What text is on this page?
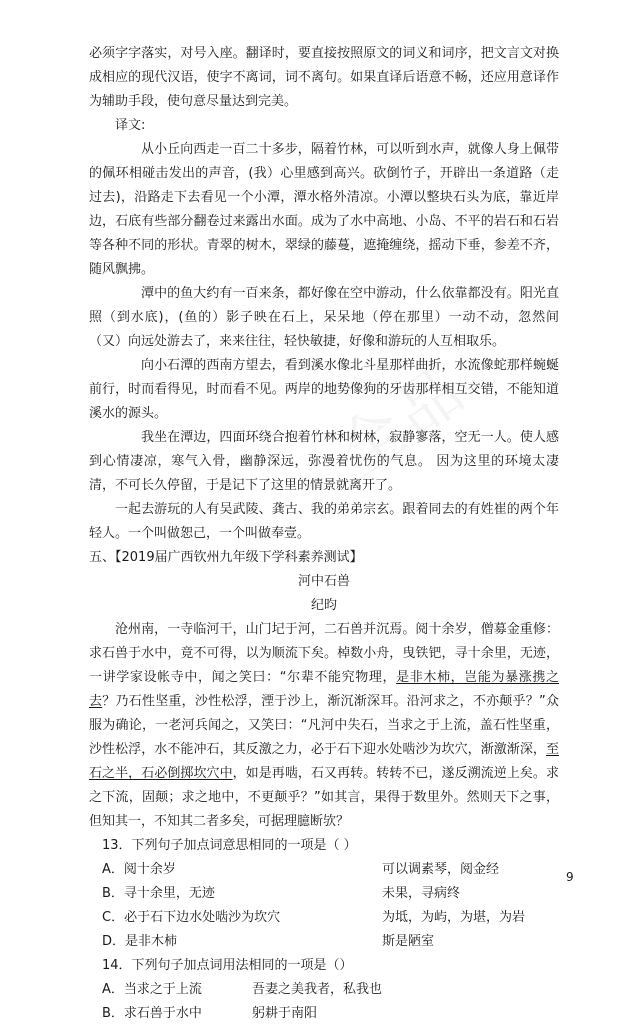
必须字字落实，对号入座。翻译时，要直接按照原文的词义和词序，把文言文对换成相应的现代汉语，使字不离词，词不离句。如果直译后语意不畅，还应用意译作为辅助手段，使句意尽量达到完美。

译文:

从小丘向西走一百二十多步，隔着竹林，可以听到水声，就像人身上佩带的佩环相碰击发出的声音，(我）心里感到高兴。砍倒竹子，开辟出一条道路（走过去)，沿路走下去看见一个小潭，潭水格外清凉。小潭以整块石头为底，靠近岸边，石底有些部分翻卷过来露出水面。成为了水中高地、小岛、不平的岩石和石岩等各种不同的形状。青翠的树木，翠绿的藤蔓，遮掩缠绕，摇动下垂，参差不齐，随风飘拂。

潭中的鱼大约有一百来条，都好像在空中游动，什么依靠都没有。阳光直照（到水底)，(鱼的）影子映在石上，呆呆地（停在那里）一动不动，忽然间（又）向远处游去了，来来往往，轻快敏捷，好像和游玩的人互相取乐。

向小石潭的西南方望去，看到溪水像北斗星那样曲折，水流像蛇那样蜿蜒前行，时而看得见，时而看不见。两岸的地势像狗的牙齿那样相互交错，不能知道溪水的源头。

我坐在潭边，四面环绕合抱着竹林和树林，寂静寥落，空无一人。使人感到心情凄凉，寒气入骨，幽静深远，弥漫着忧伤的气息。 因为这里的环境太凄清，不可长久停留，于是记下了这里的情景就离开了。

一起去游玩的人有吴武陵、龚古、我的弟弟宗玄。跟着同去的有姓崔的两个年轻人。一个叫做恕己，一个叫做奉壹。

五、【2019届广西钦州九年级下学科素养测试】

河中石兽

纪昀

沧州南，一寺临河干，山门圮于河，二石兽并沉焉。阅十余岁，僧募金重修：求石兽于水中，竟不可得，以为顺流下矣。棹数小舟，曳铁钯，寻十余里，无迹，一讲学家设帐寺中，闻之笑曰：“尔辈不能究物理，是非木柿，岂能为暴涨携之去？乃石性坚重，沙性松浮，湮于沙上，渐沉渐深耳。沿河求之，不亦颠乎？”众服为确论，一老河兵闻之，又笑曰：“凡河中失石，当求之于上流，盖石性坚重，沙性松浮，水不能冲石，其反激之力，必于石下迎水处啮沙为坎穴，渐激渐深，至石之半，石必倒掷坎穴中，如是再啮，石又再转。转转不已，遂反溯流逆上矣。求之下流，固颠；求之地中，不更颠乎？”如其言，果得于数里外。然则天下之事，但知其一，不知其二者多矣，可据理臆断欤？

13．下列句子加点词意思相同的一项是（ ）

A．阅十余岁	可以调素琴，阅金经
B．寻十余里，无迹	未果，寻病终
C．必于石下边水处啮沙为坎穴	为坻，为屿，为堪，为岩
D．是非木柿	斯是陋室

14．下列句子加点词用法相同的一项是（）

A．当求之于上流	吾妻之美我者，私我也
B．求石兽于水中	躬耕于南阳
9
